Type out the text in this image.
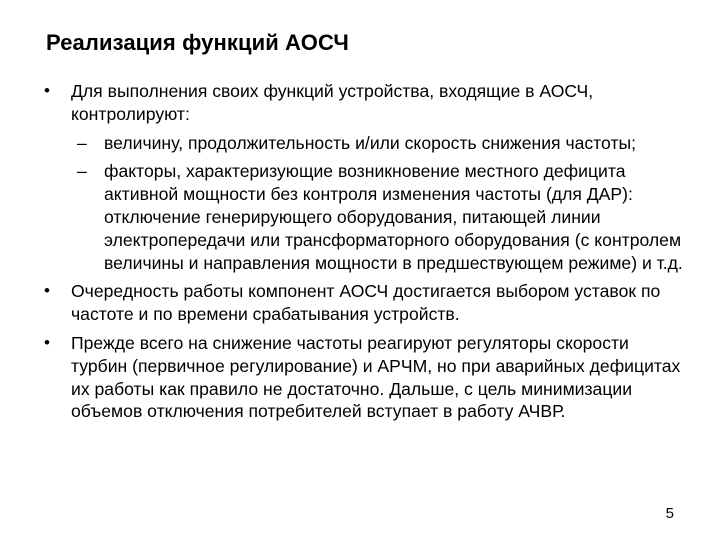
Реализация функций АОСЧ
•	Для выполнения своих функций устройства, входящие в АОСЧ, контролируют:
– величину, продолжительность и/или скорость снижения частоты;
– факторы, характеризующие возникновение местного дефицита активной мощности без контроля изменения частоты (для ДАР): отключение генерирующего оборудования, питающей линии электропередачи или трансформаторного оборудования (с контролем величины и направления мощности в предшествующем режиме) и т.д.
•	Очередность работы компонент АОСЧ достигается выбором уставок по частоте и по времени срабатывания устройств.
•	Прежде всего на снижение частоты реагируют регуляторы скорости турбин (первичное регулирование) и АРЧМ, но при аварийных дефицитах их работы как правило не достаточно. Дальше, с цель минимизации объемов отключения потребителей вступает в работу АЧВР.
5
